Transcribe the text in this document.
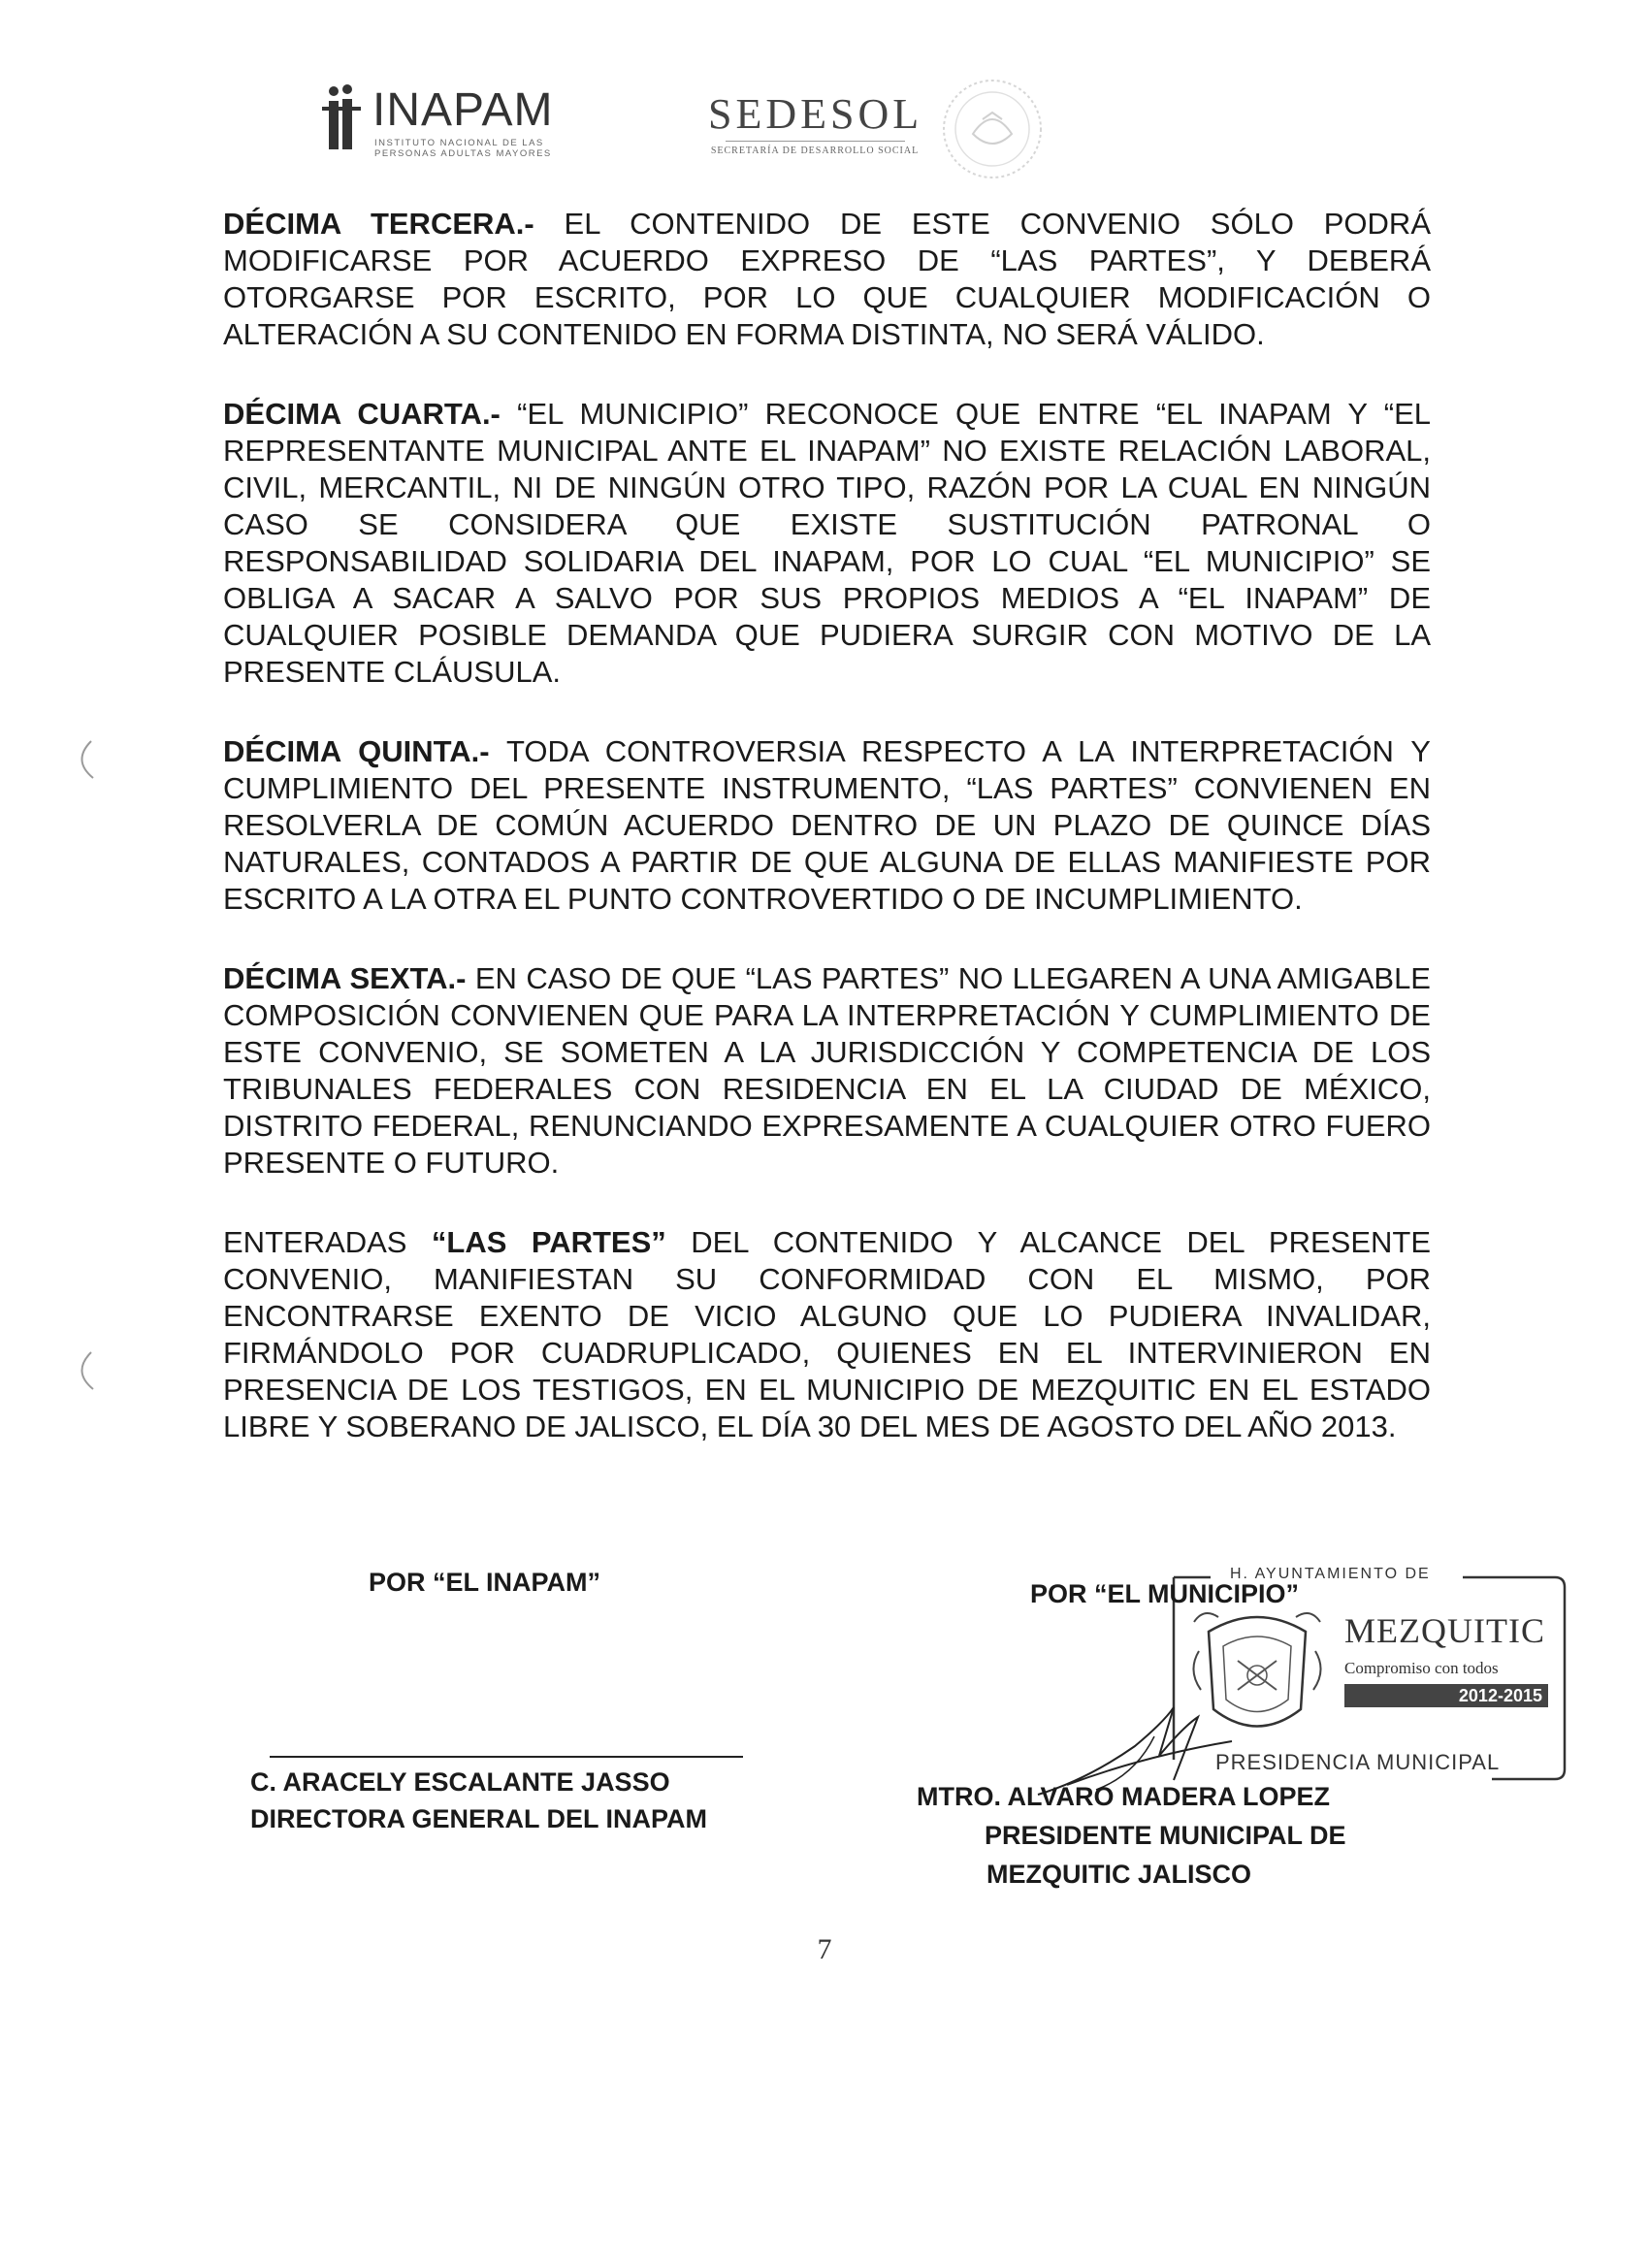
INAPAM
INSTITUTO NACIONAL DE LAS PERSONAS ADULTAS MAYORES
SEDESOL
SECRETARÍA DE DESARROLLO SOCIAL

DÉCIMA TERCERA.- EL CONTENIDO DE ESTE CONVENIO SÓLO PODRÁ MODIFICARSE POR ACUERDO EXPRESO DE “LAS PARTES”, Y DEBERÁ OTORGARSE POR ESCRITO, POR LO QUE CUALQUIER MODIFICACIÓN O ALTERACIÓN A SU CONTENIDO EN FORMA DISTINTA, NO SERÁ VÁLIDO.

DÉCIMA CUARTA.- “EL MUNICIPIO” RECONOCE QUE ENTRE “EL INAPAM Y “EL REPRESENTANTE MUNICIPAL ANTE EL INAPAM” NO EXISTE RELACIÓN LABORAL, CIVIL, MERCANTIL, NI DE NINGÚN OTRO TIPO, RAZÓN POR LA CUAL EN NINGÚN CASO SE CONSIDERA QUE EXISTE SUSTITUCIÓN PATRONAL O RESPONSABILIDAD SOLIDARIA DEL INAPAM, POR LO CUAL “EL MUNICIPIO” SE OBLIGA A SACAR A SALVO POR SUS PROPIOS MEDIOS A “EL INAPAM” DE CUALQUIER POSIBLE DEMANDA QUE PUDIERA SURGIR CON MOTIVO DE LA PRESENTE CLÁUSULA.

DÉCIMA QUINTA.- TODA CONTROVERSIA RESPECTO A LA INTERPRETACIÓN Y CUMPLIMIENTO DEL PRESENTE INSTRUMENTO, “LAS PARTES” CONVIENEN EN RESOLVERLA DE COMÚN ACUERDO DENTRO DE UN PLAZO DE QUINCE DÍAS NATURALES, CONTADOS A PARTIR DE QUE ALGUNA DE ELLAS MANIFIESTE POR ESCRITO A LA OTRA EL PUNTO CONTROVERTIDO O DE INCUMPLIMIENTO.

DÉCIMA SEXTA.- EN CASO DE QUE “LAS PARTES” NO LLEGAREN A UNA AMIGABLE COMPOSICIÓN CONVIENEN QUE PARA LA INTERPRETACIÓN Y CUMPLIMIENTO DE ESTE CONVENIO, SE SOMETEN A LA JURISDICCIÓN Y COMPETENCIA DE LOS TRIBUNALES FEDERALES CON RESIDENCIA EN EL LA CIUDAD DE MÉXICO, DISTRITO FEDERAL, RENUNCIANDO EXPRESAMENTE A CUALQUIER OTRO FUERO PRESENTE O FUTURO.

ENTERADAS “LAS PARTES” DEL CONTENIDO Y ALCANCE DEL PRESENTE CONVENIO, MANIFIESTAN SU CONFORMIDAD CON EL MISMO, POR ENCONTRARSE EXENTO DE VICIO ALGUNO QUE LO PUDIERA INVALIDAR, FIRMÁNDOLO POR CUADRUPLICADO, QUIENES EN EL INTERVINIERON EN PRESENCIA DE LOS TESTIGOS, EN EL MUNICIPIO DE MEZQUITIC EN EL ESTADO LIBRE Y SOBERANO DE JALISCO, EL DÍA 30 DEL MES DE AGOSTO DEL AÑO 2013.

POR “EL INAPAM”
C. ARACELY ESCALANTE JASSO
DIRECTORA GENERAL DEL INAPAM
H. AYUNTAMIENTO DE
MEZQUITIC
Compromiso con todos
2012-2015
PRESIDENCIA MUNICIPAL
POR “EL MUNICIPIO”
MTRO. ALVARO MADERA LOPEZ
PRESIDENTE MUNICIPAL DE
MEZQUITIC JALISCO
7
